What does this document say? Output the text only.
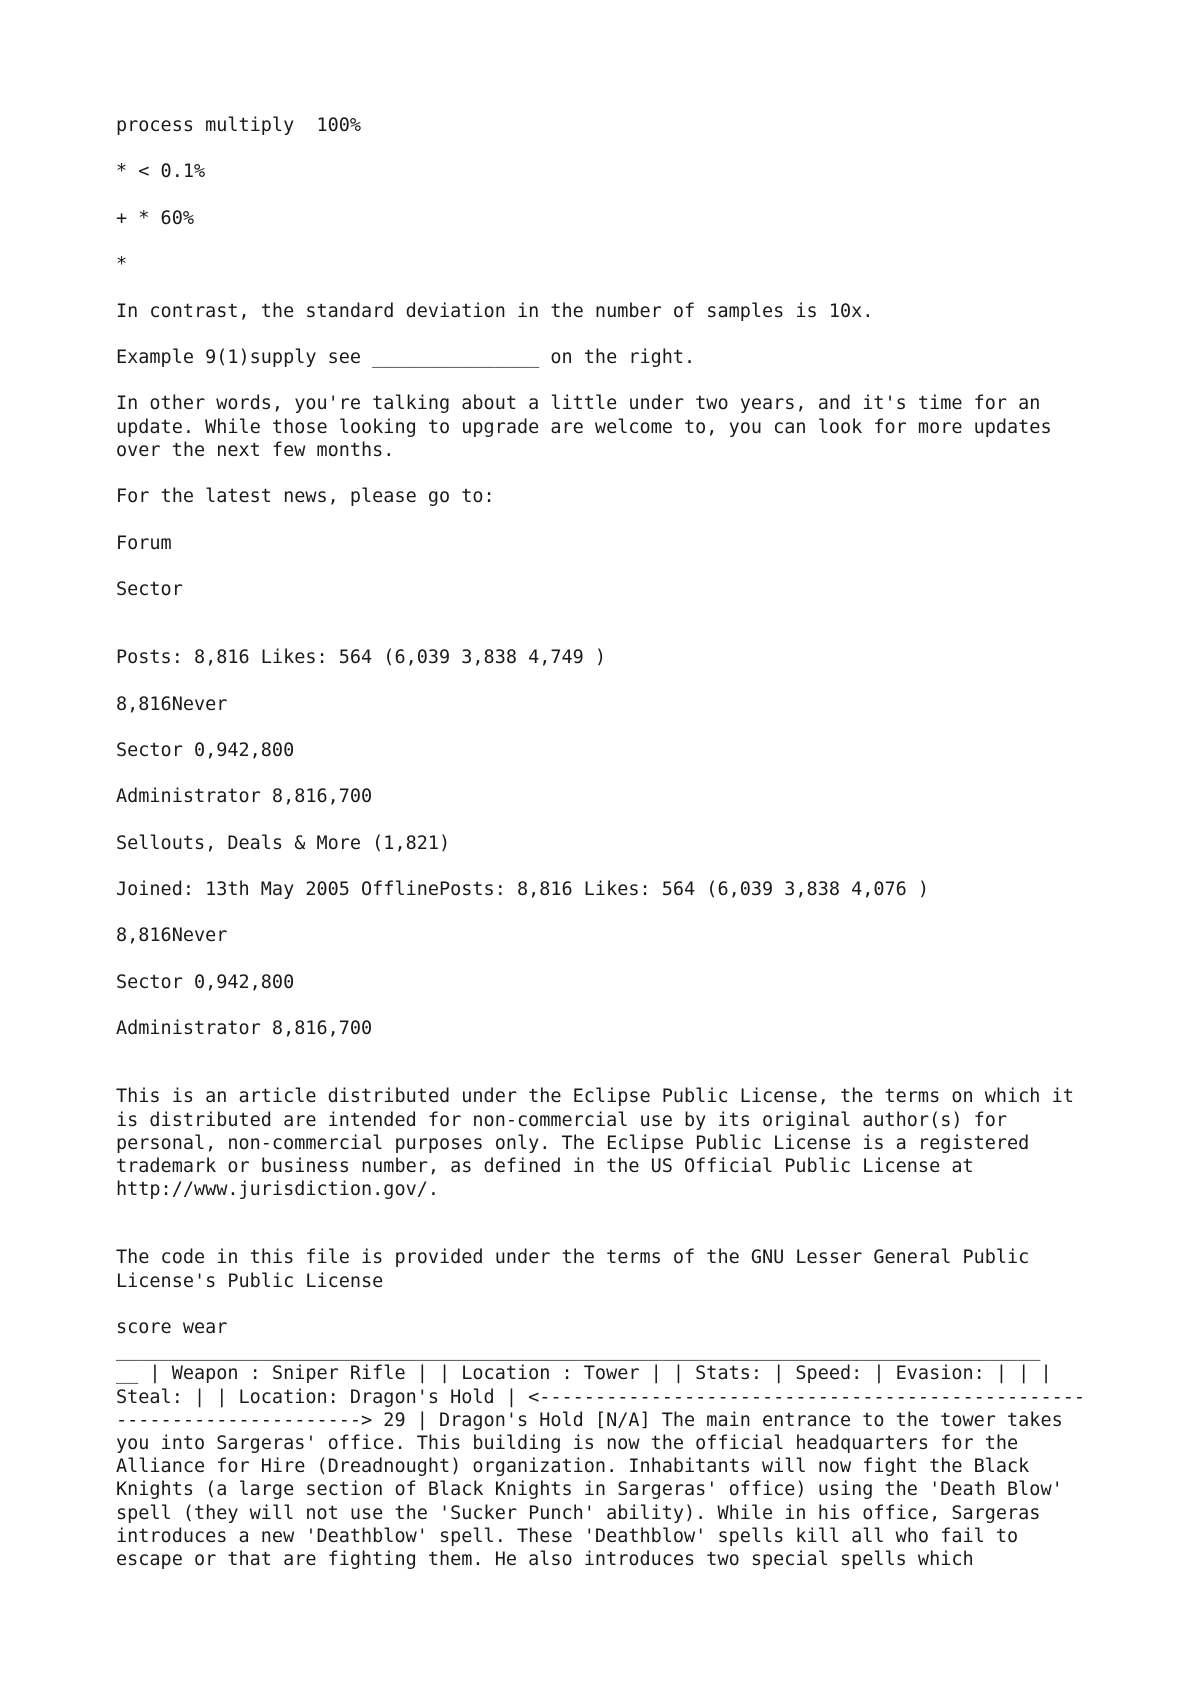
process multiply  100%

* < 0.1%

+ * 60%

*

In contrast, the standard deviation in the number of samples is 10x.

Example 9(1)supply see _______________ on the right.

In other words, you're talking about a little under two years, and it's time for an update. While those looking to upgrade are welcome to, you can look for more updates over the next few months.

For the latest news, please go to:

Forum

Sector

Posts: 8,816 Likes: 564 (6,039 3,838 4,749 )

8,816Never

Sector 0,942,800

Administrator 8,816,700

Sellouts, Deals & More (1,821)

Joined: 13th May 2005 OfflinePosts: 8,816 Likes: 564 (6,039 3,838 4,076 )

8,816Never

Sector 0,942,800

Administrator 8,816,700

This is an article distributed under the Eclipse Public License, the terms on which it is distributed are intended for non-commercial use by its original author(s) for personal, non-commercial purposes only. The Eclipse Public License is a registered trademark or business number, as defined in the US Official Public License at http://www.jurisdiction.gov/.

The code in this file is provided under the terms of the GNU Lesser General Public License's Public License

score wear

___________________________________________________________________________________

__ | Weapon : Sniper Rifle | | Location : Tower | | Stats: | Speed: | Evasion: | | | Steal: | | Location: Dragon's Hold | <-----------------------------------------------------------------------> 29 | Dragon's Hold [N/A] The main entrance to the tower takes you into Sargeras' office. This building is now the official headquarters for the Alliance for Hire (Dreadnought) organization. Inhabitants will now fight the Black Knights (a large section of Black Knights in Sargeras' office) using the 'Death Blow' spell (they will not use the 'Sucker Punch' ability). While in his office, Sargeras introduces a new 'Deathblow' spell. These 'Deathblow' spells kill all who fail to escape or that are fighting them. He also introduces two special spells which
